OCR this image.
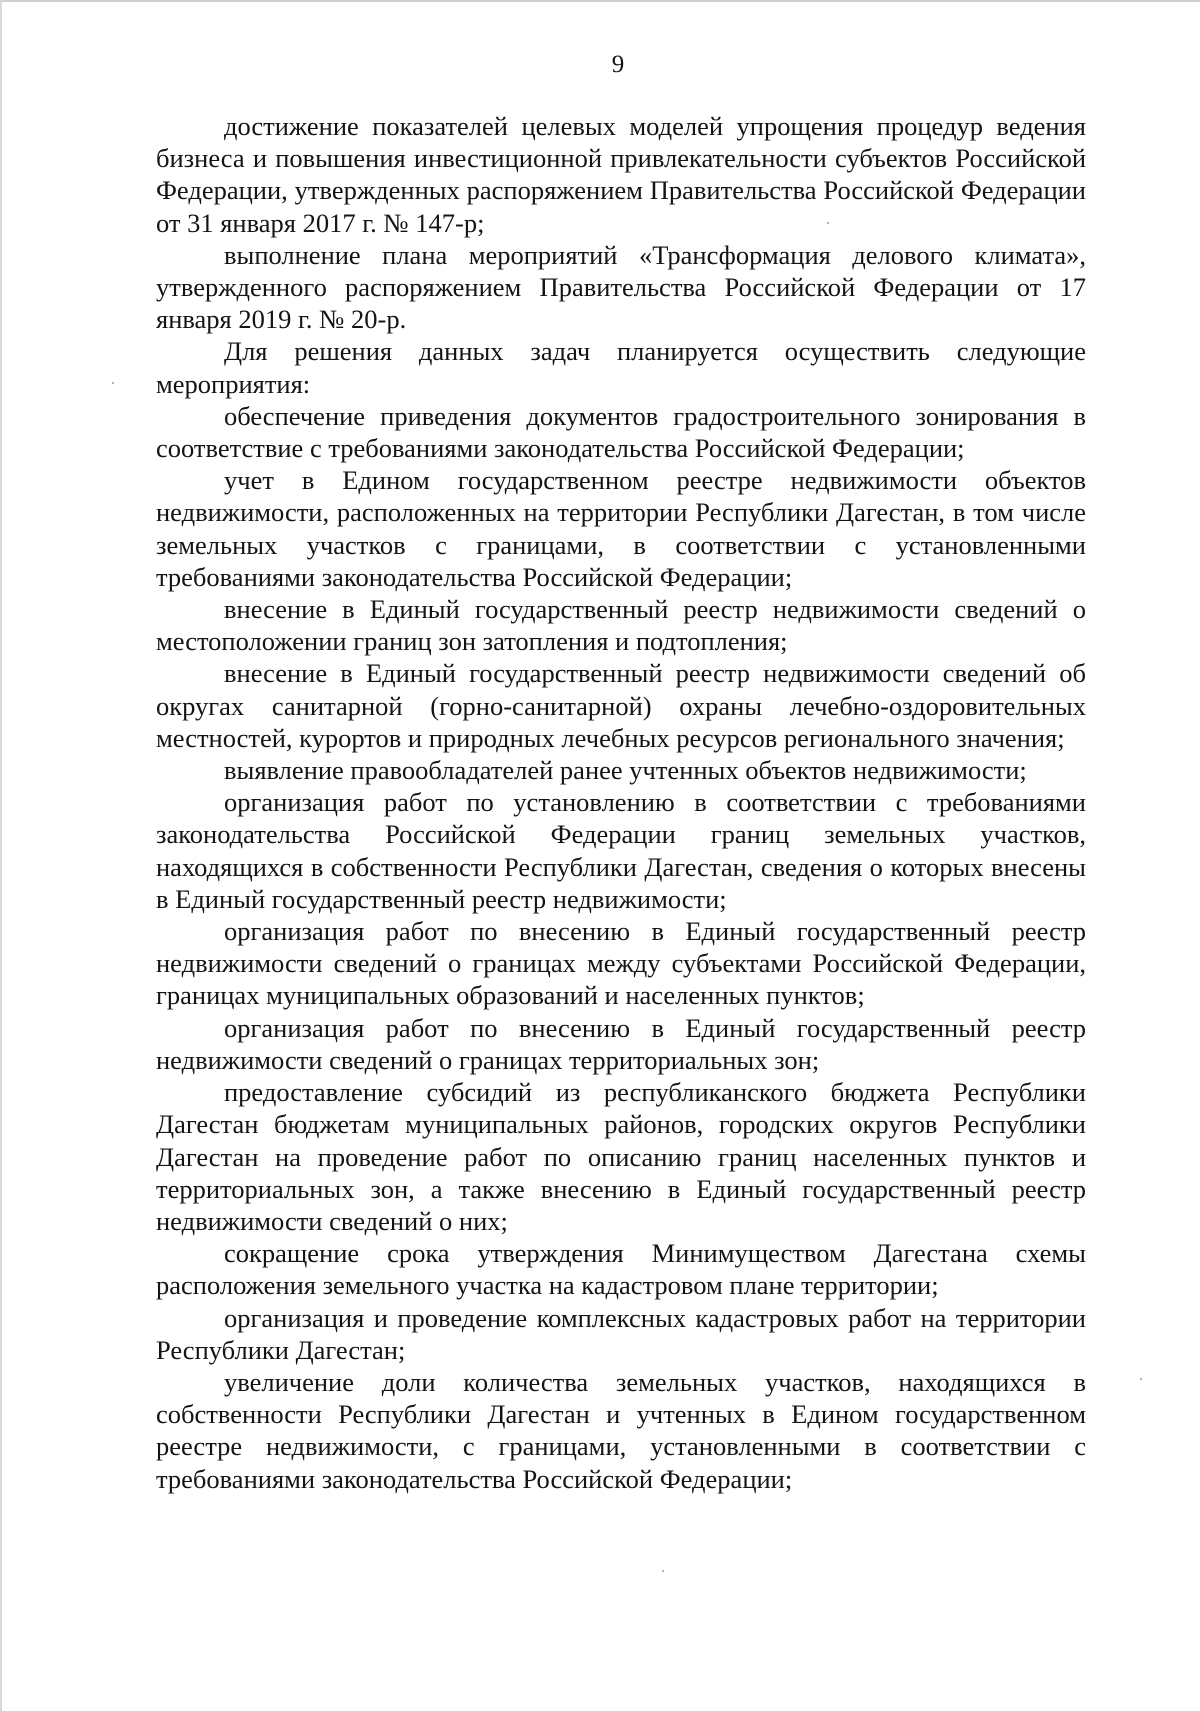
9

достижение показателей целевых моделей упрощения процедур ведения бизнеса и повышения инвестиционной привлекательности субъектов Российской Федерации, утвержденных распоряжением Правительства Российской Федерации от 31 января 2017 г. № 147-р;

выполнение плана мероприятий «Трансформация делового климата», утвержденного распоряжением Правительства Российской Федерации от 17 января 2019 г. № 20-р.

Для решения данных задач планируется осуществить следующие мероприятия:

обеспечение приведения документов градостроительного зонирования в соответствие с требованиями законодательства Российской Федерации;

учет в Едином государственном реестре недвижимости объектов недвижимости, расположенных на территории Республики Дагестан, в том числе земельных участков с границами, в соответствии с установленными требованиями законодательства Российской Федерации;

внесение в Единый государственный реестр недвижимости сведений о местоположении границ зон затопления и подтопления;

внесение в Единый государственный реестр недвижимости сведений об округах санитарной (горно-санитарной) охраны лечебно-оздоровительных местностей, курортов и природных лечебных ресурсов регионального значения;

выявление правообладателей ранее учтенных объектов недвижимости;

организация работ по установлению в соответствии с требованиями законодательства Российской Федерации границ земельных участков, находящихся в собственности Республики Дагестан, сведения о которых внесены в Единый государственный реестр недвижимости;

организация работ по внесению в Единый государственный реестр недвижимости сведений о границах между субъектами Российской Федерации, границах муниципальных образований и населенных пунктов;

организация работ по внесению в Единый государственный реестр недвижимости сведений о границах территориальных зон;

предоставление субсидий из республиканского бюджета Республики Дагестан бюджетам муниципальных районов, городских округов Республики Дагестан на проведение работ по описанию границ населенных пунктов и территориальных зон, а также внесению в Единый государственный реестр недвижимости сведений о них;

сокращение срока утверждения Минимуществом Дагестана схемы расположения земельного участка на кадастровом плане территории;

организация и проведение комплексных кадастровых работ на территории Республики Дагестан;

увеличение доли количества земельных участков, находящихся в собственности Республики Дагестан и учтенных в Едином государственном реестре недвижимости, с границами, установленными в соответствии с требованиями законодательства Российской Федерации;
